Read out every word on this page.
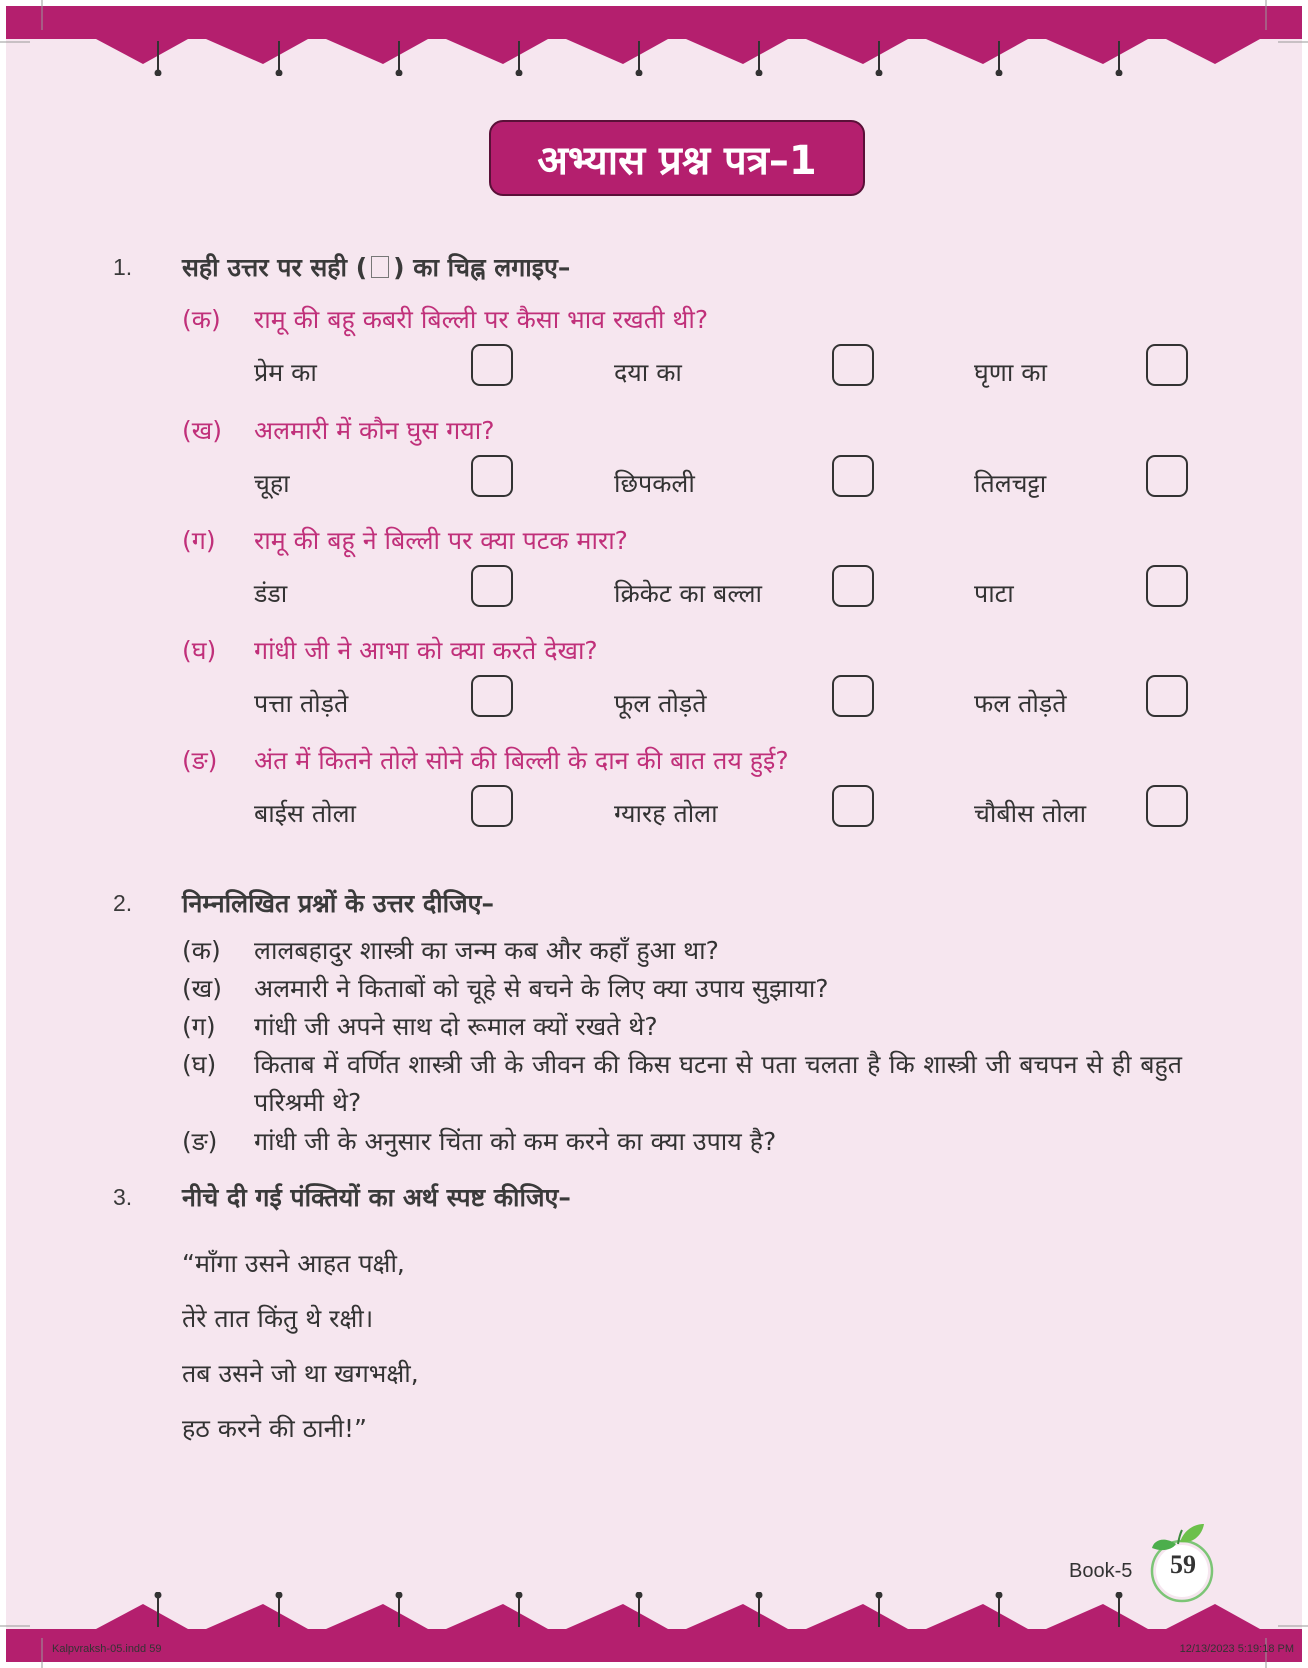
अभ्यास प्रश्न पत्र–1
1. सही उत्तर पर सही ( ) का चिह्न लगाइए–
(क) रामू की बहू कबरी बिल्ली पर कैसा भाव रखती थी?
प्रेम का	दया का	घृणा का
(ख) अलमारी में कौन घुस गया?
चूहा	छिपकली	तिलचट्टा
(ग) रामू की बहू ने बिल्ली पर क्या पटक मारा?
डंडा	क्रिकेट का बल्ला	पाटा
(घ) गांधी जी ने आभा को क्या करते देखा?
पत्ता तोड़ते	फूल तोड़ते	फल तोड़ते
(ङ) अंत में कितने तोले सोने की बिल्ली के दान की बात तय हुई?
बाईस तोला	ग्यारह तोला	चौबीस तोला
2. निम्नलिखित प्रश्नों के उत्तर दीजिए–
(क)	लालबहादुर शास्त्री का जन्म कब और कहाँ हुआ था?
(ख)	अलमारी ने किताबों को चूहे से बचने के लिए क्या उपाय सुझाया?
(ग)	गांधी जी अपने साथ दो रूमाल क्यों रखते थे?
(घ)	किताब में वर्णित शास्त्री जी के जीवन की किस घटना से पता चलता है कि शास्त्री जी बचपन से ही बहुत परिश्रमी थे?
(ङ)	गांधी जी के अनुसार चिंता को कम करने का क्या उपाय है?
3. नीचे दी गई पंक्तियों का अर्थ स्पष्ट कीजिए–
“माँगा उसने आहत पक्षी,
तेरे तात किंतु थे रक्षी।
तब उसने जो था खगभक्षी,
हठ करने की ठानी!”
Book-5	59
Kalpvraksh-05.indd 59	12/13/2023 5:19:18 PM
